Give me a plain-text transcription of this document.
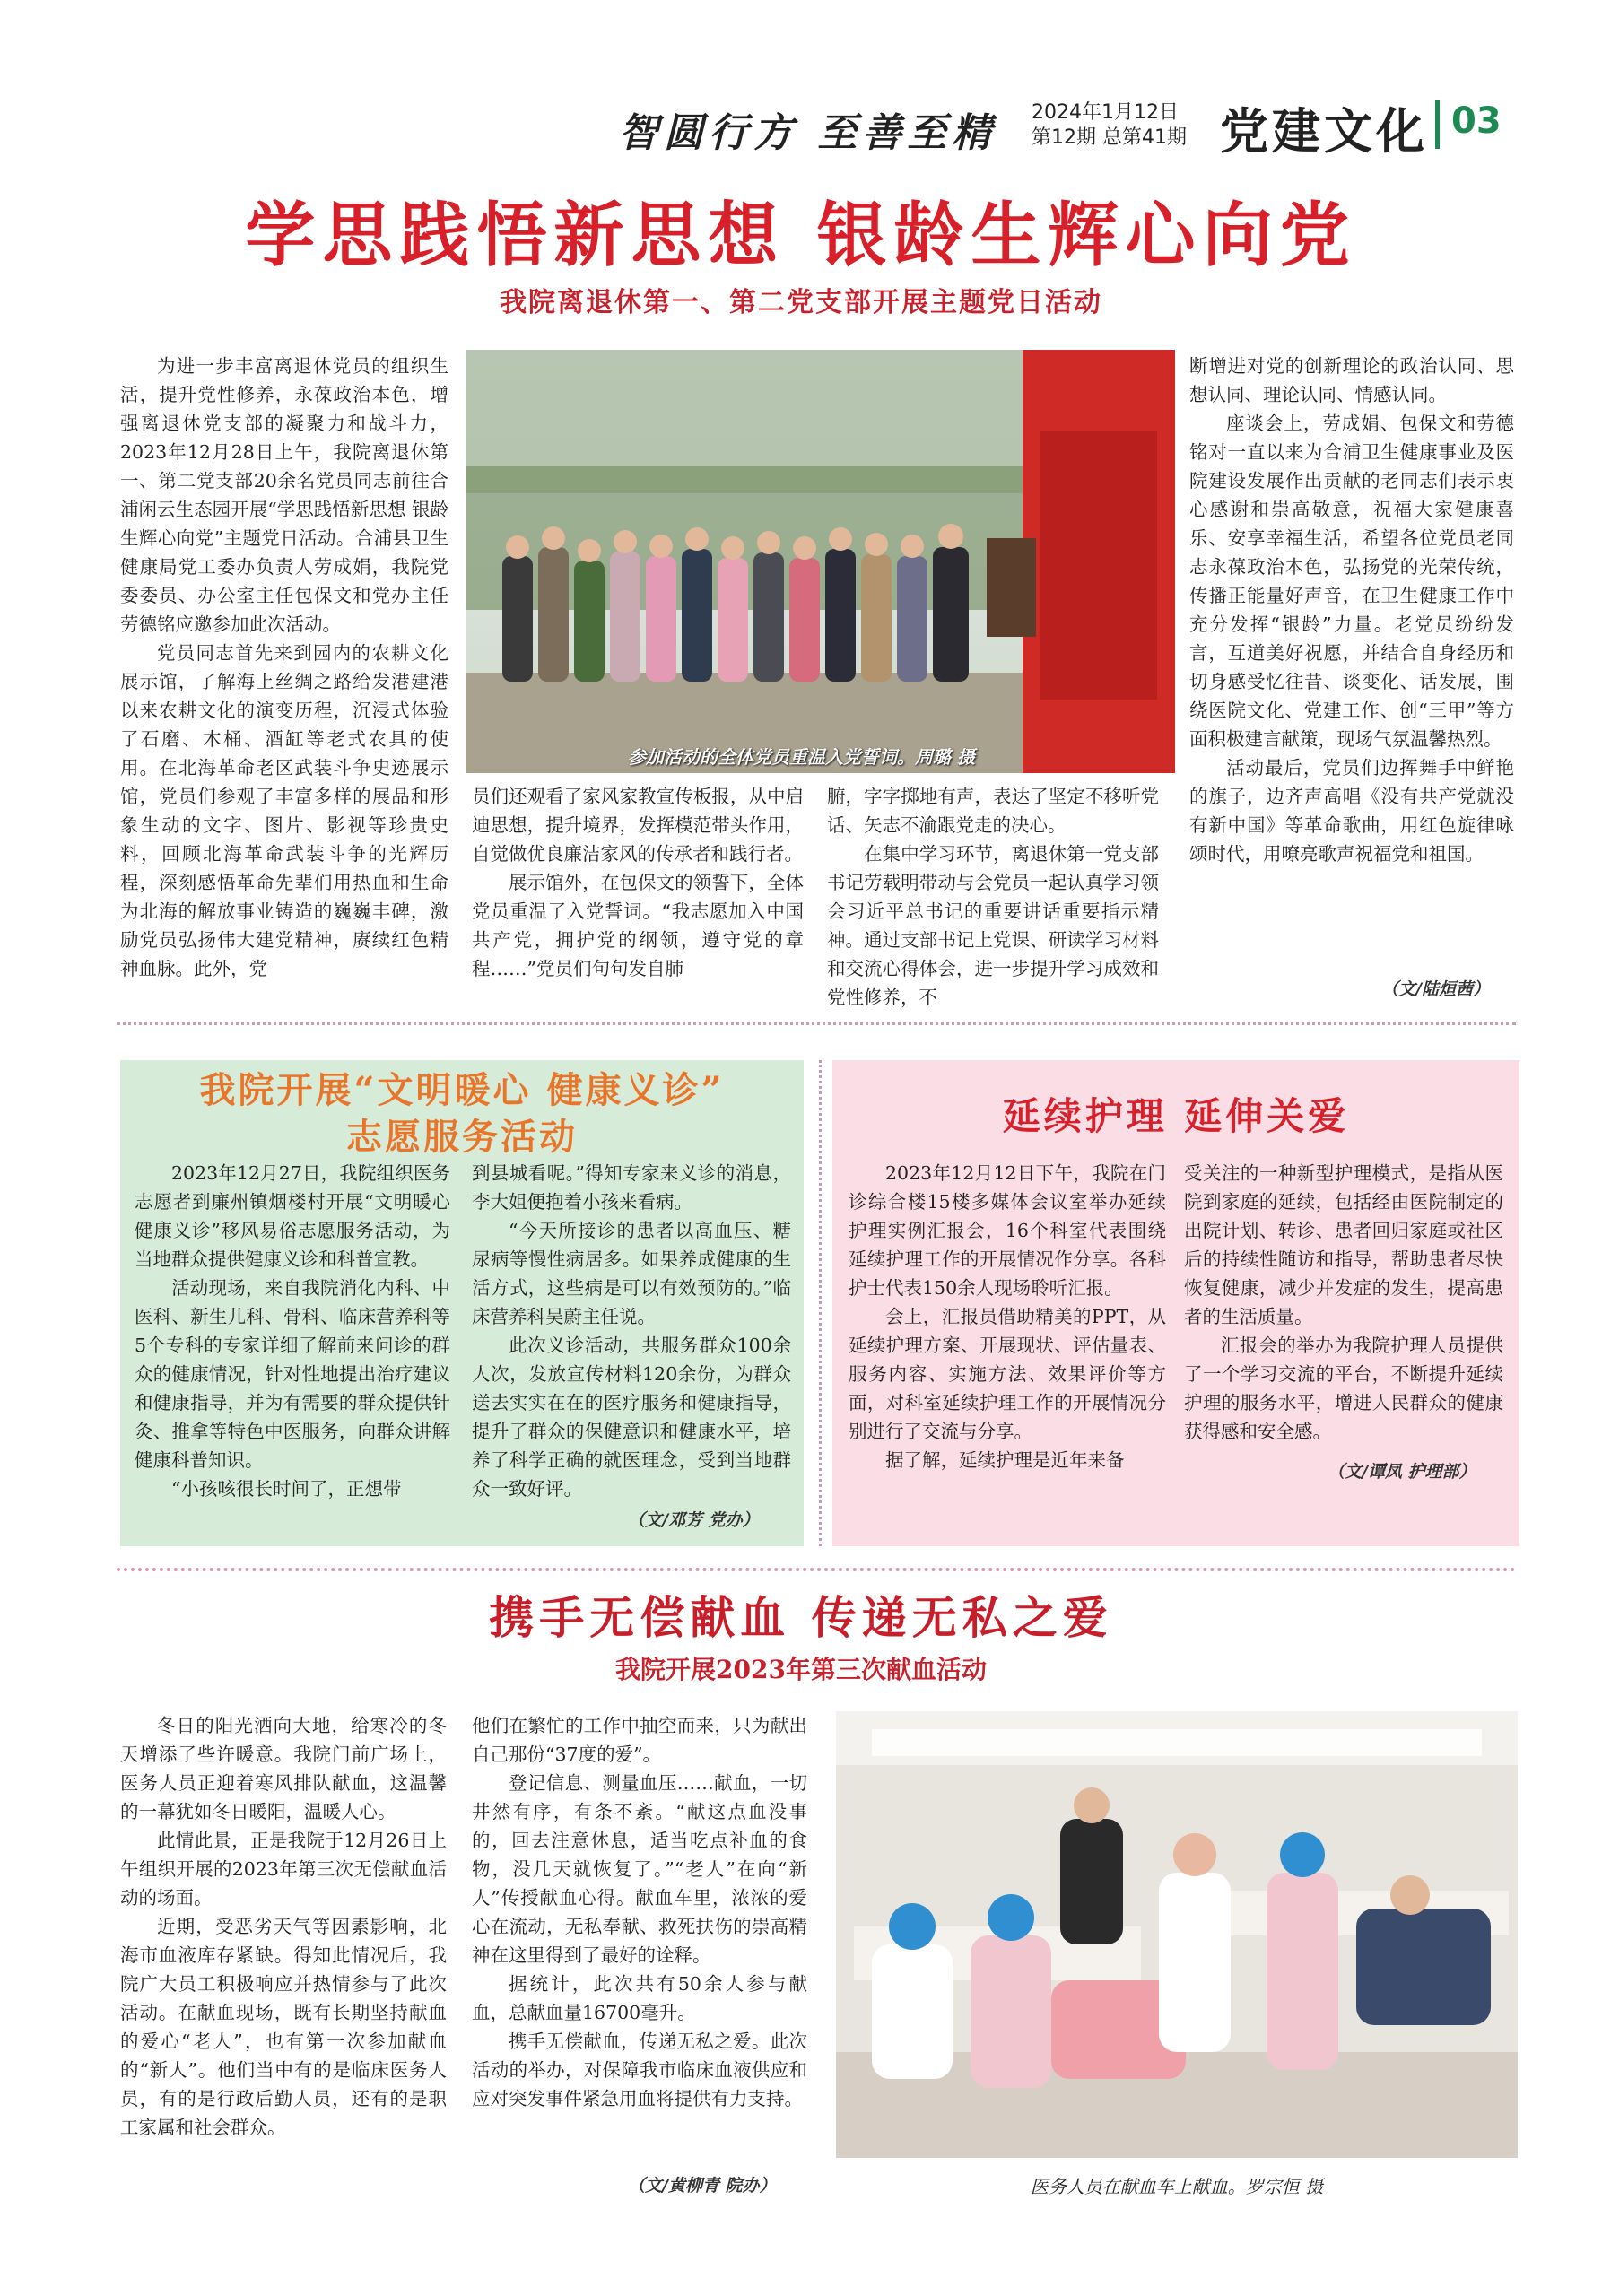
智圆行方 至善至精 2024年1月12日
第12期 总第41期 党建文化 03
学思践悟新思想 银龄生辉心向党
我院离退休第一、第二党支部开展主题党日活动

为进一步丰富离退休党员的组织生活，提升党性修养，永葆政治本色，增强离退休党支部的凝聚力和战斗力，2023年12月28日上午，我院离退休第一、第二党支部20余名党员同志前往合浦闲云生态园开展“学思践悟新思想 银龄生辉心向党”主题党日活动。合浦县卫生健康局党工委办负责人劳成娟，我院党委委员、办公室主任包保文和党办主任劳德铭应邀参加此次活动。

党员同志首先来到园内的农耕文化展示馆，了解海上丝绸之路给发港建港以来农耕文化的演变历程，沉浸式体验了石磨、木桶、酒缸等老式农具的使用。在北海革命老区武装斗争史迹展示馆，党员们参观了丰富多样的展品和形象生动的文字、图片、影视等珍贵史料，回顾北海革命武装斗争的光辉历程，深刻感悟革命先辈们用热血和生命为北海的解放事业铸造的巍巍丰碑，激励党员弘扬伟大建党精神，赓续红色精神血脉。此外，党

参加活动的全体党员重温入党誓词。周璐 摄

员们还观看了家风家教宣传板报，从中启迪思想，提升境界，发挥模范带头作用，自觉做优良廉洁家风的传承者和践行者。

展示馆外，在包保文的领誓下，全体党员重温了入党誓词。“我志愿加入中国共产党，拥护党的纲领，遵守党的章程……”党员们句句发自肺

腑，字字掷地有声，表达了坚定不移听党话、矢志不渝跟党走的决心。

在集中学习环节，离退休第一党支部书记劳载明带动与会党员一起认真学习领会习近平总书记的重要讲话重要指示精神。通过支部书记上党课、研读学习材料和交流心得体会，进一步提升学习成效和党性修养，不

断增进对党的创新理论的政治认同、思想认同、理论认同、情感认同。

座谈会上，劳成娟、包保文和劳德铭对一直以来为合浦卫生健康事业及医院建设发展作出贡献的老同志们表示衷心感谢和崇高敬意，祝福大家健康喜乐、安享幸福生活，希望各位党员老同志永葆政治本色，弘扬党的光荣传统，传播正能量好声音，在卫生健康工作中充分发挥“银龄”力量。老党员纷纷发言，互道美好祝愿，并结合自身经历和切身感受忆往昔、谈变化、话发展，围绕医院文化、党建工作、创“三甲”等方面积极建言献策，现场气氛温馨热烈。

活动最后，党员们边挥舞手中鲜艳的旗子，边齐声高唱《没有共产党就没有新中国》等革命歌曲，用红色旋律咏颂时代，用嘹亮歌声祝福党和祖国。

（文/陆烜茜）
我院开展“文明暖心 健康义诊”
志愿服务活动

2023年12月27日，我院组织医务志愿者到廉州镇烟楼村开展“文明暖心 健康义诊”移风易俗志愿服务活动，为当地群众提供健康义诊和科普宣教。

活动现场，来自我院消化内科、中医科、新生儿科、骨科、临床营养科等5个专科的专家详细了解前来问诊的群众的健康情况，针对性地提出治疗建议和健康指导，并为有需要的群众提供针灸、推拿等特色中医服务，向群众讲解健康科普知识。

“小孩咳很长时间了，正想带

到县城看呢。”得知专家来义诊的消息，李大姐便抱着小孩来看病。

“今天所接诊的患者以高血压、糖尿病等慢性病居多。如果养成健康的生活方式，这些病是可以有效预防的。”临床营养科吴蔚主任说。

此次义诊活动，共服务群众100余人次，发放宣传材料120余份，为群众送去实实在在的医疗服务和健康指导，提升了群众的保健意识和健康水平，培养了科学正确的就医理念，受到当地群众一致好评。

（文/邓芳 党办）
延续护理 延伸关爱

2023年12月12日下午，我院在门诊综合楼15楼多媒体会议室举办延续护理实例汇报会，16个科室代表围绕延续护理工作的开展情况作分享。各科护士代表150余人现场聆听汇报。

会上，汇报员借助精美的PPT，从延续护理方案、开展现状、评估量表、服务内容、实施方法、效果评价等方面，对科室延续护理工作的开展情况分别进行了交流与分享。

据了解，延续护理是近年来备

受关注的一种新型护理模式，是指从医院到家庭的延续，包括经由医院制定的出院计划、转诊、患者回归家庭或社区后的持续性随访和指导，帮助患者尽快恢复健康，减少并发症的发生，提高患者的生活质量。

汇报会的举办为我院护理人员提供了一个学习交流的平台，不断提升延续护理的服务水平，增进人民群众的健康获得感和安全感。

（文/谭凤 护理部）
携手无偿献血 传递无私之爱
我院开展2023年第三次献血活动

冬日的阳光洒向大地，给寒冷的冬天增添了些许暖意。我院门前广场上，医务人员正迎着寒风排队献血，这温馨的一幕犹如冬日暖阳，温暖人心。

此情此景，正是我院于12月26日上午组织开展的2023年第三次无偿献血活动的场面。

近期，受恶劣天气等因素影响，北海市血液库存紧缺。得知此情况后，我院广大员工积极响应并热情参与了此次活动。在献血现场，既有长期坚持献血的爱心“老人”，也有第一次参加献血的“新人”。他们当中有的是临床医务人员，有的是行政后勤人员，还有的是职工家属和社会群众。

他们在繁忙的工作中抽空而来，只为献出自己那份“37度的爱”。

登记信息、测量血压……献血，一切井然有序，有条不紊。“献这点血没事的，回去注意休息，适当吃点补血的食物，没几天就恢复了。”“老人”在向“新人”传授献血心得。献血车里，浓浓的爱心在流动，无私奉献、救死扶伤的崇高精神在这里得到了最好的诠释。

据统计，此次共有50余人参与献血，总献血量16700毫升。

携手无偿献血，传递无私之爱。此次活动的举办，对保障我市临床血液供应和应对突发事件紧急用血将提供有力支持。

（文/黄柳青 院办）	医务人员在献血车上献血。罗宗恒 摄
